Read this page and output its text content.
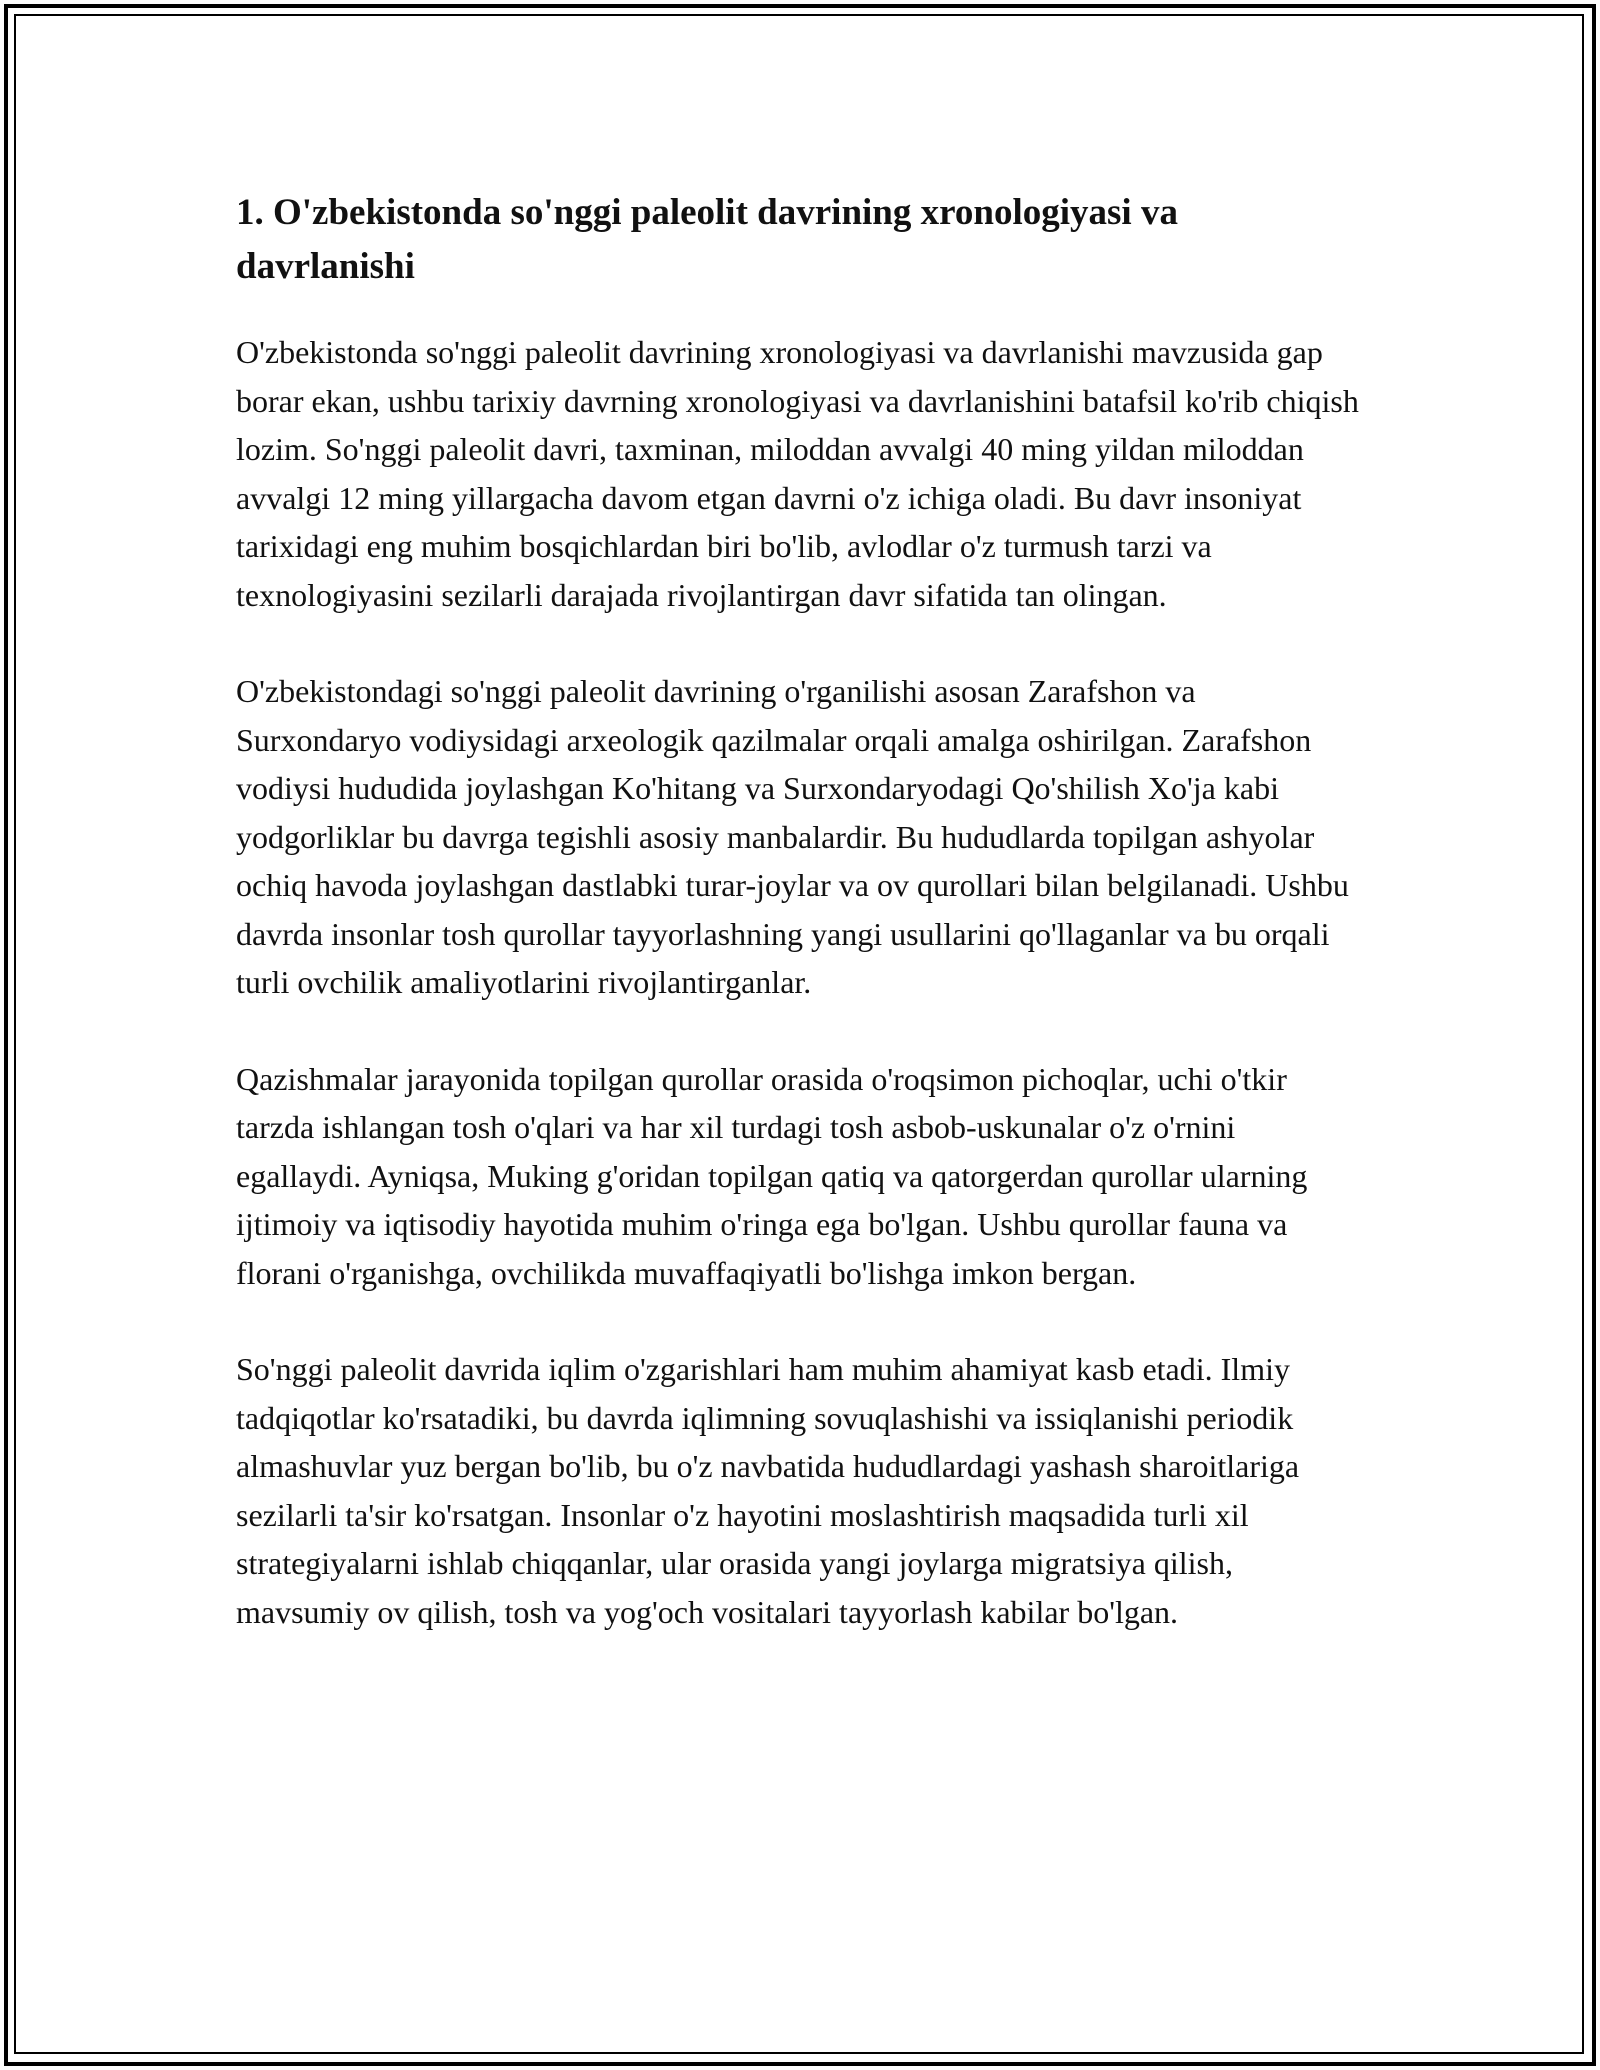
1. O'zbekistonda so'nggi paleolit davrining xronologiyasi va davrlanishi

O'zbekistonda so'nggi paleolit davrining xronologiyasi va davrlanishi mavzusida gap borar ekan, ushbu tarixiy davrning xronologiyasi va davrlanishini batafsil ko'rib chiqish lozim. So'nggi paleolit davri, taxminan, miloddan avvalgi 40 ming yildan miloddan avvalgi 12 ming yillargacha davom etgan davrni o'z ichiga oladi. Bu davr insoniyat tarixidagi eng muhim bosqichlardan biri bo'lib, avlodlar o'z turmush tarzi va texnologiyasini sezilarli darajada rivojlantirgan davr sifatida tan olingan.

O'zbekistondagi so'nggi paleolit davrining o'rganilishi asosan Zarafshon va Surxondaryo vodiysidagi arxeologik qazilmalar orqali amalga oshirilgan. Zarafshon vodiysi hududida joylashgan Ko'hitang va Surxondaryodagi Qo'shilish Xo'ja kabi yodgorliklar bu davrga tegishli asosiy manbalardir. Bu hududlarda topilgan ashyolar ochiq havoda joylashgan dastlabki turar-joylar va ov qurollari bilan belgilanadi. Ushbu davrda insonlar tosh qurollar tayyorlashning yangi usullarini qo'llaganlar va bu orqali turli ovchilik amaliyotlarini rivojlantirganlar.

Qazishmalar jarayonida topilgan qurollar orasida o'roqsimon pichoqlar, uchi o'tkir tarzda ishlangan tosh o'qlari va har xil turdagi tosh asbob-uskunalar o'z o'rnini egallaydi. Ayniqsa, Muking g'oridan topilgan qatiq va qatorgerdan qurollar ularning ijtimoiy va iqtisodiy hayotida muhim o'ringa ega bo'lgan. Ushbu qurollar fauna va florani o'rganishga, ovchilikda muvaffaqiyatli bo'lishga imkon bergan.

So'nggi paleolit davrida iqlim o'zgarishlari ham muhim ahamiyat kasb etadi. Ilmiy tadqiqotlar ko'rsatadiki, bu davrda iqlimning sovuqlashishi va issiqlanishi periodik almashuvlar yuz bergan bo'lib, bu o'z navbatida hududlardagi yashash sharoitlariga sezilarli ta'sir ko'rsatgan. Insonlar o'z hayotini moslashtirish maqsadida turli xil strategiyalarni ishlab chiqqanlar, ular orasida yangi joylarga migratsiya qilish, mavsumiy ov qilish, tosh va yog'och vositalari tayyorlash kabilar bo'lgan.
